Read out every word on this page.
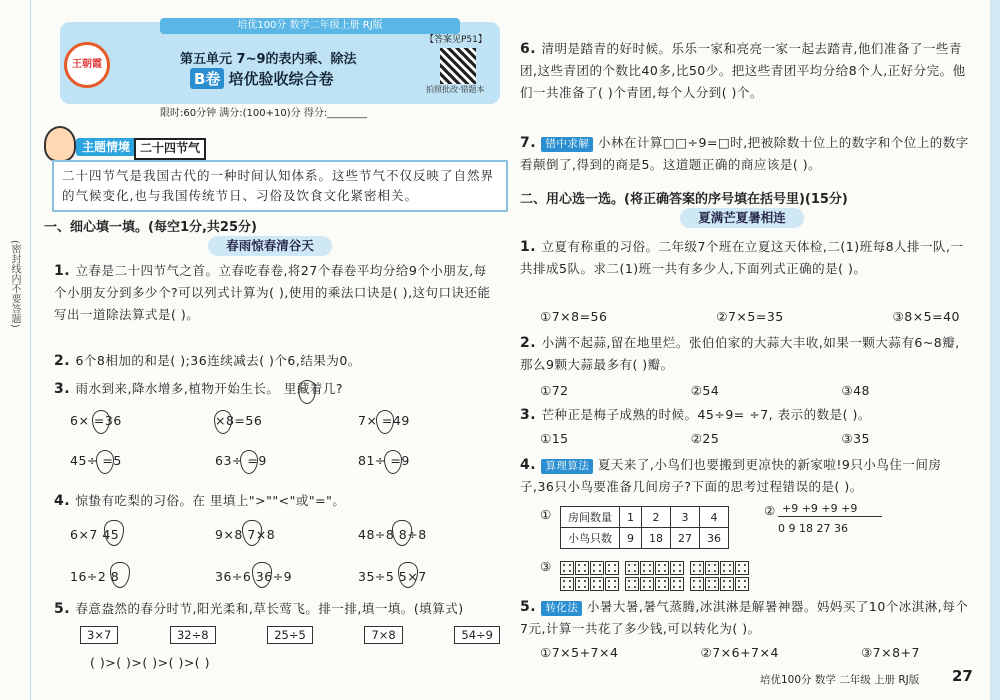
(密封线内不要答题)
培优100分 数学二年级上册 RJ版
王朝霞	第五单元 7~9的表内乘、除法
B卷 培优验收综合卷
【答案见P51】
拍照批改·错题本
限时:60分钟 满分:(100+10)分 得分:________
主题情境 二十四节气
二十四节气是我国古代的一种时间认知体系。这些节气不仅反映了自然界的气候变化,也与我国传统节日、习俗及饮食文化紧密相关。
一、细心填一填。(每空1分,共25分)
春雨惊春清谷天
1. 立春是二十四节气之首。立春吃春卷,将27个春卷平均分给9个小朋友,每个小朋友分到多少个?可以列式计算为( ),使用的乘法口诀是( ),这句口诀还能写出一道除法算式是( )。
2. 6个8相加的和是( );36连续减去( )个6,结果为0。
3. 雨水到来,降水增多,植物开始生长。 里藏着几?
6× =36	×8=56	7× =49
45÷ =5	63÷ =9	81÷ =9
4. 惊蛰有吃梨的习俗。在 里填上">""<"或"="。
6×7 45	9×8 7×8	48÷8 8÷8
16÷2 8	36÷6 36÷9	35÷5 5×7
5. 春意盎然的春分时节,阳光柔和,草长莺飞。排一排,填一填。(填算式)
3×7	32÷8	25÷5	7×8	54÷9
( )>( )>( )>( )>( )
6. 清明是踏青的好时候。乐乐一家和亮亮一家一起去踏青,他们准备了一些青团,这些青团的个数比40多,比50少。把这些青团平均分给8个人,正好分完。他们一共准备了( )个青团,每个人分到( )个。
7. 错中求解 小林在计算□□÷9=□时,把被除数十位上的数字和个位上的数字看颠倒了,得到的商是5。这道题正确的商应该是( )。
二、用心选一选。(将正确答案的序号填在括号里)(15分)
夏满芒夏暑相连
1. 立夏有称重的习俗。二年级7个班在立夏这天体检,二(1)班每8人排一队,一共排成5队。求二(1)班一共有多少人,下面列式正确的是( )。
①7×8=56	②7×5=35	③8×5=40
2. 小满不起蒜,留在地里烂。张伯伯家的大蒜大丰收,如果一颗大蒜有6~8瓣,那么9颗大蒜最多有( )瓣。
①72	②54	③48
3. 芒种正是梅子成熟的时候。45÷9= ÷7, 表示的数是( )。
①15	②25	③35
4. 算理算法 夏天来了,小鸟们也要搬到更凉快的新家啦!9只小鸟住一间房子,36只小鸟要准备几间房子?下面的思考过程错误的是( )。
① 房间数量	1	2	3	4
小鸟只数	9	18	27	36
② +9 +9 +9 +9
0 9 18 27 36
③

5. 转化法 小暑大暑,暑气蒸腾,冰淇淋是解暑神器。妈妈买了10个冰淇淋,每个7元,计算一共花了多少钱,可以转化为( )。
①7×5+7×4	②7×6+7×4	③7×8+7
培优100分 数学 二年级 上册 RJ版 27
